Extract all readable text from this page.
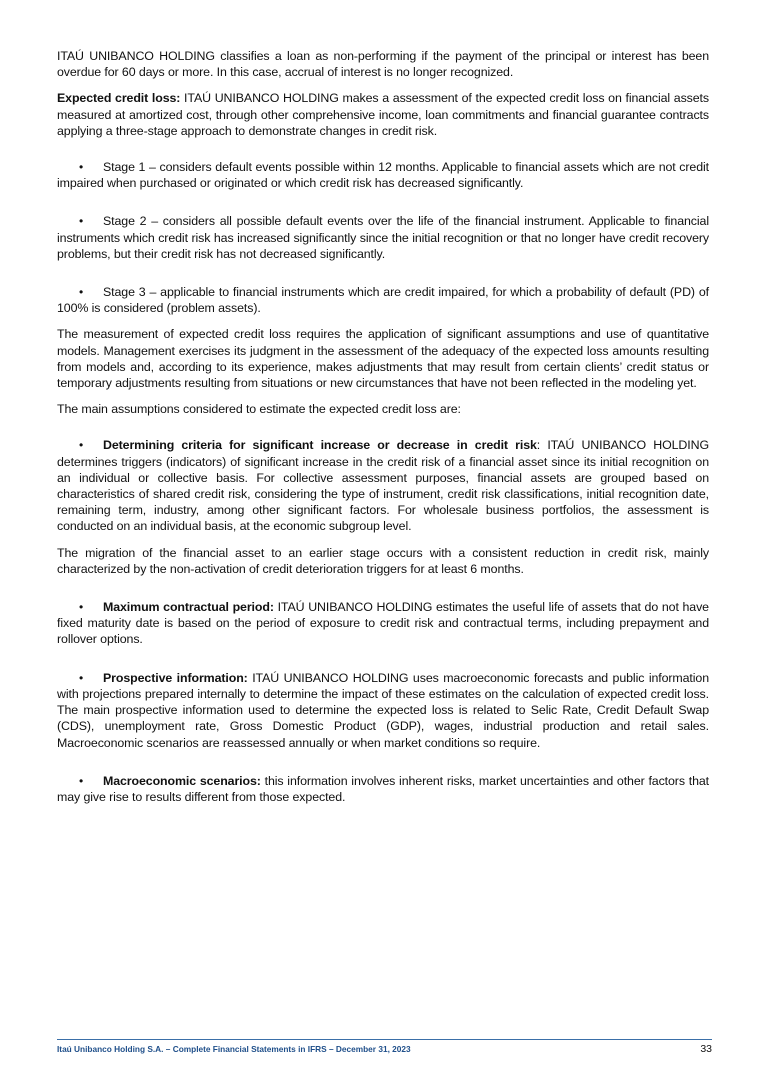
ITAÚ UNIBANCO HOLDING classifies a loan as non-performing if the payment of the principal or interest has been overdue for 60 days or more. In this case, accrual of interest is no longer recognized.

Expected credit loss: ITAÚ UNIBANCO HOLDING makes a assessment of the expected credit loss on financial assets measured at amortized cost, through other comprehensive income, loan commitments and financial guarantee contracts applying a three-stage approach to demonstrate changes in credit risk.

• Stage 1 – considers default events possible within 12 months. Applicable to financial assets which are not credit impaired when purchased or originated or which credit risk has decreased significantly.

• Stage 2 – considers all possible default events over the life of the financial instrument. Applicable to financial instruments which credit risk has increased significantly since the initial recognition or that no longer have credit recovery problems, but their credit risk has not decreased significantly.

• Stage 3 – applicable to financial instruments which are credit impaired, for which a probability of default (PD) of 100% is considered (problem assets).

The measurement of expected credit loss requires the application of significant assumptions and use of quantitative models. Management exercises its judgment in the assessment of the adequacy of the expected loss amounts resulting from models and, according to its experience, makes adjustments that may result from certain clients’ credit status or temporary adjustments resulting from situations or new circumstances that have not been reflected in the modeling yet.

The main assumptions considered to estimate the expected credit loss are:

• Determining criteria for significant increase or decrease in credit risk: ITAÚ UNIBANCO HOLDING determines triggers (indicators) of significant increase in the credit risk of a financial asset since its initial recognition on an individual or collective basis. For collective assessment purposes, financial assets are grouped based on characteristics of shared credit risk, considering the type of instrument, credit risk classifications, initial recognition date, remaining term, industry, among other significant factors. For wholesale business portfolios, the assessment is conducted on an individual basis, at the economic subgroup level.

The migration of the financial asset to an earlier stage occurs with a consistent reduction in credit risk, mainly characterized by the non-activation of credit deterioration triggers for at least 6 months.

• Maximum contractual period: ITAÚ UNIBANCO HOLDING estimates the useful life of assets that do not have fixed maturity date is based on the period of exposure to credit risk and contractual terms, including prepayment and rollover options.

• Prospective information: ITAÚ UNIBANCO HOLDING uses macroeconomic forecasts and public information with projections prepared internally to determine the impact of these estimates on the calculation of expected credit loss. The main prospective information used to determine the expected loss is related to Selic Rate, Credit Default Swap (CDS), unemployment rate, Gross Domestic Product (GDP), wages, industrial production and retail sales. Macroeconomic scenarios are reassessed annually or when market conditions so require.

• Macroeconomic scenarios: this information involves inherent risks, market uncertainties and other factors that may give rise to results different from those expected.

Itaú Unibanco Holding S.A. – Complete Financial Statements in IFRS – December 31, 2023	33
